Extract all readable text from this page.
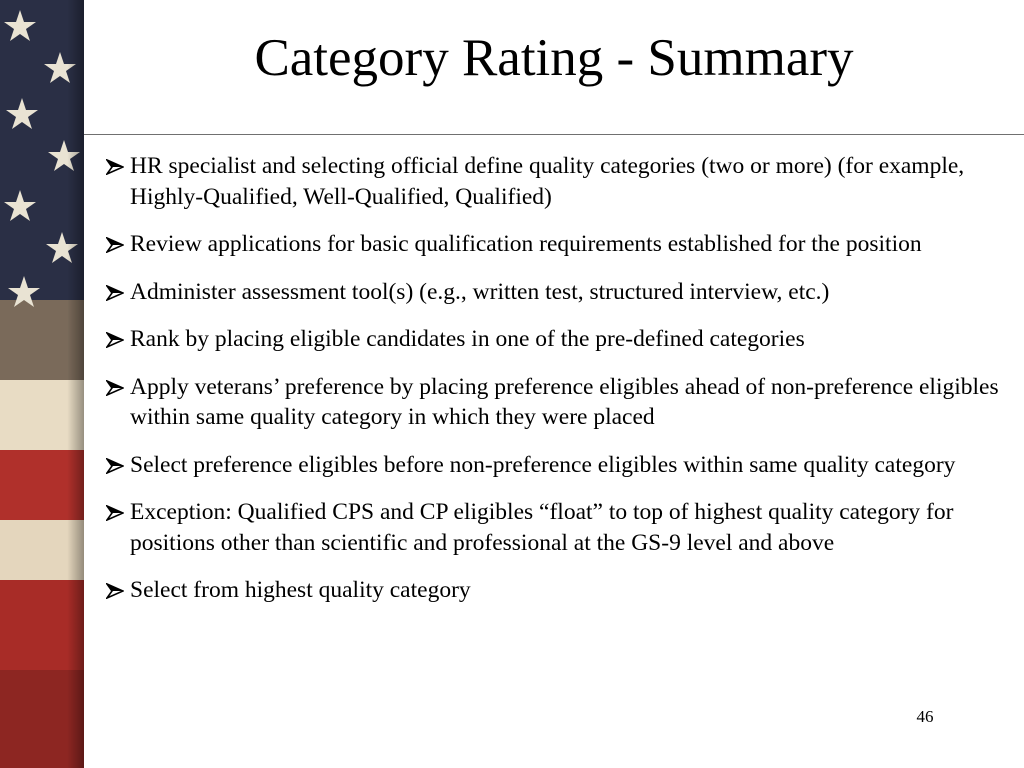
Category Rating - Summary
HR specialist and selecting official define quality categories (two or more) (for example, Highly-Qualified, Well-Qualified, Qualified)
Review applications for basic qualification requirements established for the position
Administer assessment tool(s) (e.g., written test, structured interview, etc.)
Rank by placing eligible candidates in one of the pre-defined categories
Apply veterans’ preference by placing preference eligibles ahead of non-preference eligibles within same quality category in which they were placed
Select preference eligibles before non-preference eligibles within same quality category
Exception: Qualified CPS and CP eligibles “float” to top of highest quality category for positions other than scientific and professional at the GS-9 level and above
Select from highest quality category
46
